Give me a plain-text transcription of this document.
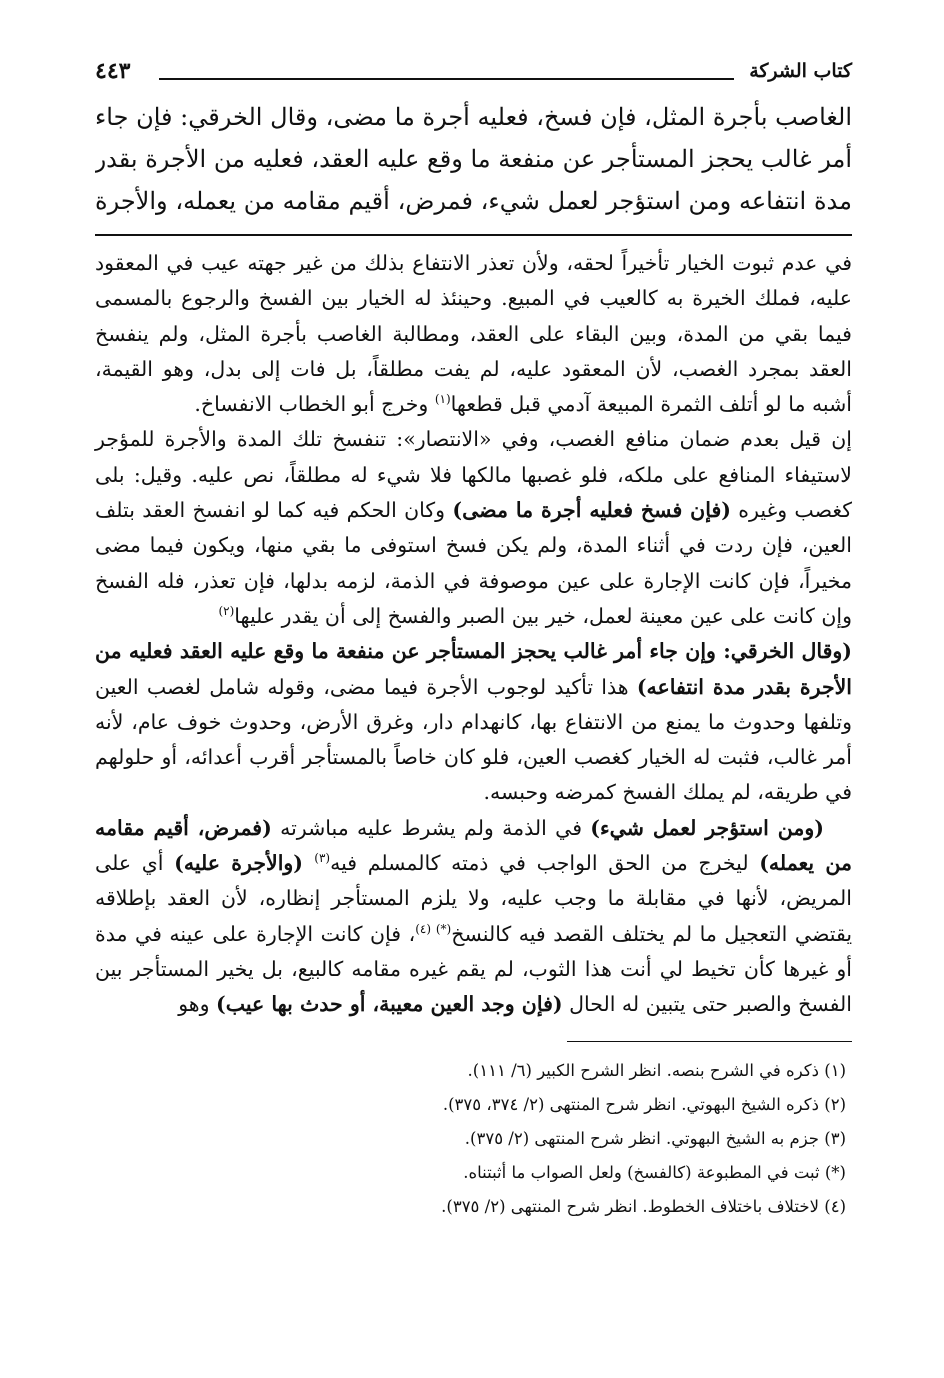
كتاب الشركة
٤٤٣
الغاصب بأجرة المثل، فإن فسخ، فعليه أجرة ما مضى، وقال الخرقي: فإن جاء
أمر غالب يحجز المستأجر عن منفعة ما وقع عليه العقد، فعليه من الأجرة بقدر
مدة انتفاعه ومن استؤجر لعمل شيء، فمرض، أقيم مقامه من يعمله، والأجرة

في عدم ثبوت الخيار تأخيراً لحقه، ولأن تعذر الانتفاع بذلك من غير جهته عيب في المعقود عليه، فملك الخيرة به كالعيب في المبيع. وحينئذ له الخيار بين الفسخ والرجوع بالمسمى فيما بقي من المدة، وبين البقاء على العقد، ومطالبة الغاصب بأجرة المثل، ولم ينفسخ العقد بمجرد الغصب، لأن المعقود عليه، لم يفت مطلقاً، بل فات إلى بدل، وهو القيمة، أشبه ما لو أتلف الثمرة المبيعة آدمي قبل قطعها$^{(١)}$ وخرج أبو الخطاب الانفساخ.

إن قيل بعدم ضمان منافع الغصب، وفي «الانتصار»: تنفسخ تلك المدة والأجرة للمؤجر لاستيفاء المنافع على ملكه، فلو غصبها مالكها فلا شيء له مطلقاً، نص عليه. وقيل: بلى كغصب وغيره (فإن فسخ فعليه أجرة ما مضى) وكان الحكم فيه كما لو انفسخ العقد بتلف العين، فإن ردت في أثناء المدة، ولم يكن فسخ استوفى ما بقي منها، ويكون فيما مضى مخيراً، فإن كانت الإجارة على عين موصوفة في الذمة، لزمه بدلها، فإن تعذر، فله الفسخ وإن كانت على عين معينة لعمل، خير بين الصبر والفسخ إلى أن يقدر عليها$^{(٢)}$

(وقال الخرقي: وإن جاء أمر غالب يحجز المستأجر عن منفعة ما وقع عليه العقد فعليه من الأجرة بقدر مدة انتفاعه) هذا تأكيد لوجوب الأجرة فيما مضى، وقوله شامل لغصب العين وتلفها وحدوث ما يمنع من الانتفاع بها، كانهدام دار، وغرق الأرض، وحدوث خوف عام، لأنه أمر غالب، فثبت له الخيار كغصب العين، فلو كان خاصاً بالمستأجر أقرب أعدائه، أو حلولهم في طريقه، لم يملك الفسخ كمرضه وحبسه.

(ومن استؤجر لعمل شيء) في الذمة ولم يشرط عليه مباشرته (فمرض، أقيم مقامه من يعمله) ليخرج من الحق الواجب في ذمته كالمسلم فيه$^{(٣)}$ (والأجرة عليه) أي على المريض، لأنها في مقابلة ما وجب عليه، ولا يلزم المستأجر إنظاره، لأن العقد بإطلاقه يقتضي التعجيل ما لم يختلف القصد فيه كالنسخ$^{(*) (٤)}$، فإن كانت الإجارة على عينه في مدة أو غيرها كأن تخيط لي أنت هذا الثوب، لم يقم غيره مقامه كالبيع، بل يخير المستأجر بين الفسخ والصبر حتى يتبين له الحال (فإن وجد العين معيبة، أو حدث بها عيب) وهو

(١) ذكره في الشرح بنصه. انظر الشرح الكبير (٦/ ١١١).
(٢) ذكره الشيخ البهوتي. انظر شرح المنتهى (٢/ ٣٧٤، ٣٧٥).
(٣) جزم به الشيخ البهوتي. انظر شرح المنتهى (٢/ ٣٧٥).
(*) ثبت في المطبوعة (كالفسخ) ولعل الصواب ما أثبتناه.
(٤) لاختلاف باختلاف الخطوط. انظر شرح المنتهى (٢/ ٣٧٥).
